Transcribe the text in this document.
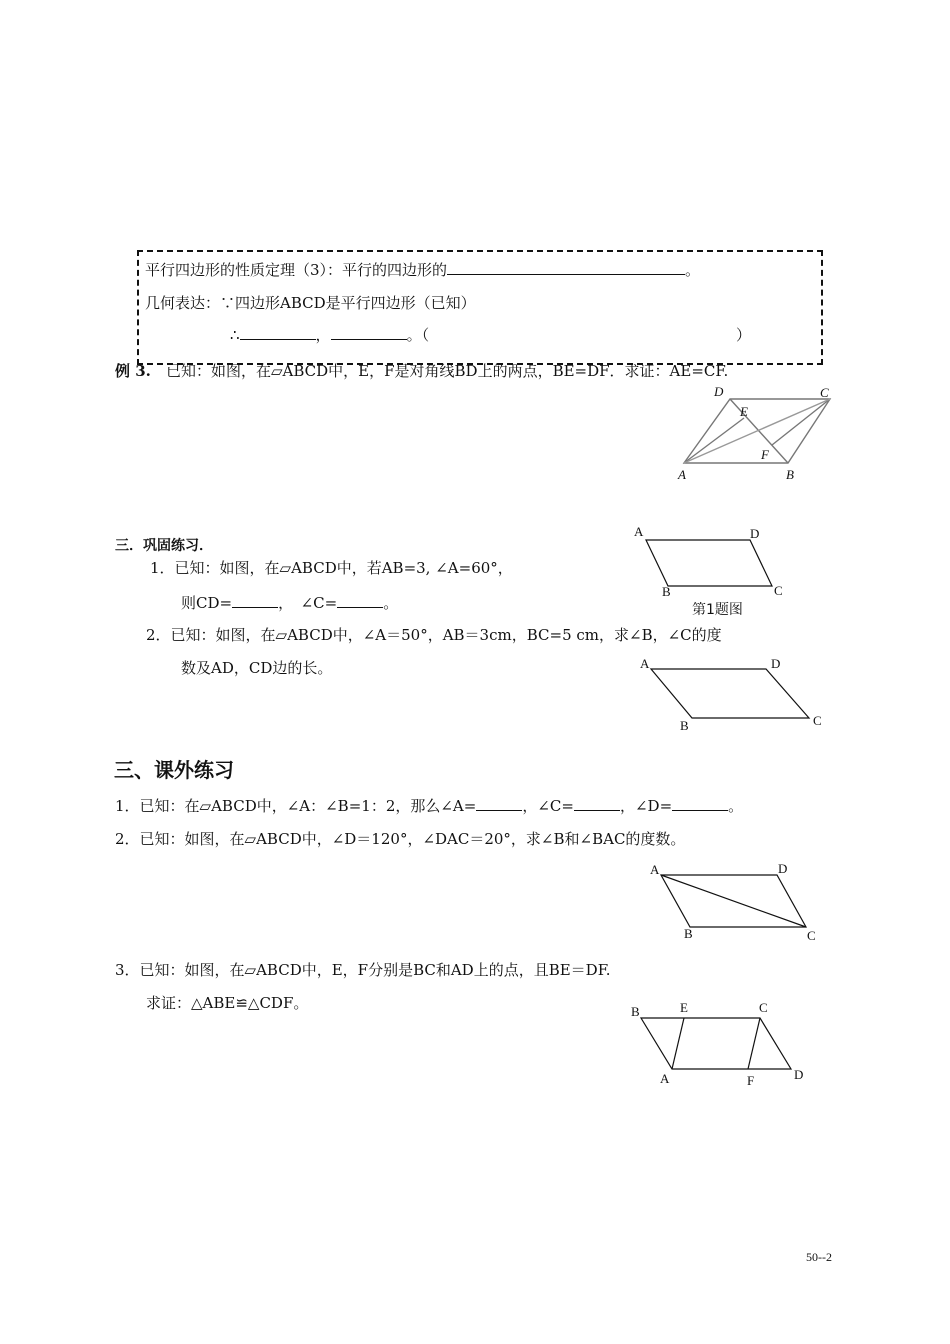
平行四边形的性质定理（3）：平行的四边形的	。
几何表达：∵四边形ABCD是平行四边形（已知）
∴	，	。（	）
例 3. 已知：如图，在▱ABCD中，E，F是对角线BD上的两点，BE=DF．求证：AE=CF.
D	C
E
F
A	B
三．巩固练习．
1．已知：如图，在▱ABCD中，若AB=3, ∠A=60°，
则CD=	，　∠C=	。
A	D
B	C
第1题图
2．已知：如图，在▱ABCD中，∠A＝50°，AB＝3cm，BC=5 cm，求∠B，∠C的度
数及AD，CD边的长。	A	D
B	C
三、课外练习
1．已知：在▱ABCD中，∠A：∠B=1：2，那么∠A=	，∠C=	，∠D=	。
2．已知：如图，在▱ABCD中，∠D＝120°，∠DAC＝20°，求∠B和∠BAC的度数。
A	D
B	C
3．已知：如图，在▱ABCD中，E，F分别是BC和AD上的点，且BE＝DF.
求证：△ABE≌△CDF。	B	E	C
A	F	D
50--2
